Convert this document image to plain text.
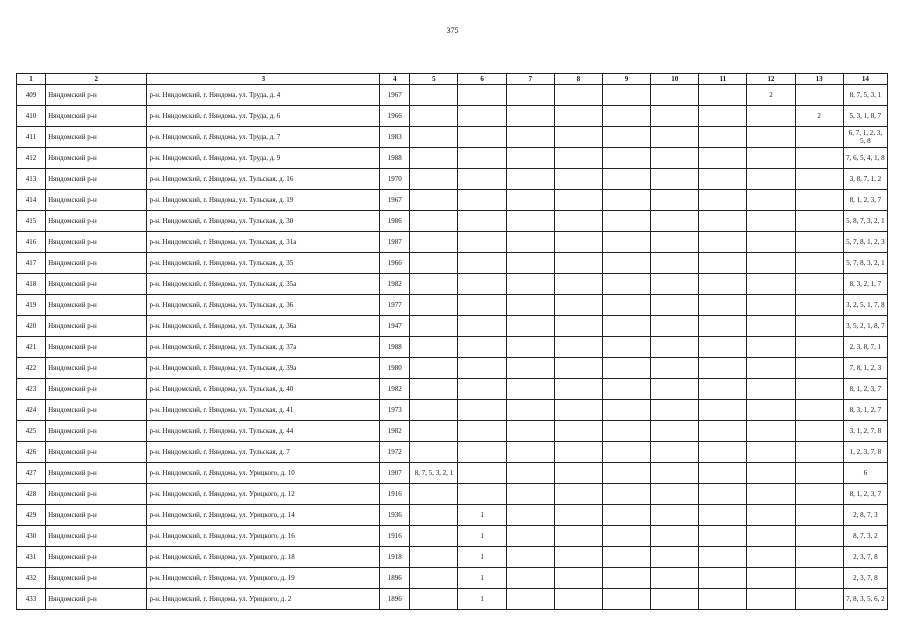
375
1	2	3	4	5	6	7	8	9	10	11	12	13	14
409	Няндомский р-н	р-н. Няндомский, г. Няндома, ул. Труда, д. 4	1967								2		8, 7, 5, 3, 1
410	Няндомский р-н	р-н. Няндомский, г. Няндома, ул. Труда, д. 6	1966									2	5, 3, 1, 8, 7
411	Няндомский р-н	р-н. Няндомский, г. Няндома, ул. Труда, д. 7	1983										6, 7, 1, 2, 3, 5, 8
412	Няндомский р-н	р-н. Няндомский, г. Няндома, ул. Труда, д. 9	1988										7, 6, 5, 4, 1, 8
413	Няндомский р-н	р-н. Няндомский, г. Няндома, ул. Тульская, д. 16	1970										3, 8, 7, 1, 2
414	Няндомский р-н	р-н. Няндомский, г. Няндома, ул. Тульская, д. 19	1967										8, 1, 2, 3, 7
415	Няндомский р-н	р-н. Няндомский, г. Няндома, ул. Тульская, д. 30	1986										5, 8, 7, 3, 2, 1
416	Няндомский р-н	р-н. Няндомский, г. Няндома, ул. Тульская, д. 31а	1987										5, 7, 8, 1, 2, 3
417	Няндомский р-н	р-н. Няндомский, г. Няндома, ул. Тульская, д. 35	1966										5, 7, 8, 3, 2, 1
418	Няндомский р-н	р-н. Няндомский, г. Няндома, ул. Тульская, д. 35а	1982										8, 3, 2, 1, 7
419	Няндомский р-н	р-н. Няндомский, г. Няндома, ул. Тульская, д. 36	1977										3, 2, 5, 1, 7, 8
420	Няндомский р-н	р-н. Няндомский, г. Няндома, ул. Тульская, д. 36а	1947										3, 5, 2, 1, 8, 7
421	Няндомский р-н	р-н. Няндомский, г. Няндома, ул. Тульская, д. 37а	1988										2, 3, 8, 7, 1
422	Няндомский р-н	р-н. Няндомский, г. Няндома, ул. Тульская, д. 39а	1980										7, 8, 1, 2, 3
423	Няндомский р-н	р-н. Няндомский, г. Няндома, ул. Тульская, д. 40	1982										8, 1, 2, 3, 7
424	Няндомский р-н	р-н. Няндомский, г. Няндома, ул. Тульская, д. 41	1973										8, 3, 1, 2, 7
425	Няндомский р-н	р-н. Няндомский, г. Няндома, ул. Тульская, д. 44	1982										3, 1, 2, 7, 8
426	Няндомский р-н	р-н. Няндомский, г. Няндома, ул. Тульская, д. 7	1972										1, 2, 3, 7, 8
427	Няндомский р-н	р-н. Няндомский, г. Няндома, ул. Урицкого, д. 10	1907	8, 7, 5, 3, 2, 1									6
428	Няндомский р-н	р-н. Няндомский, г. Няндома, ул. Урицкого, д. 12	1916										8, 1, 2, 3, 7
429	Няндомский р-н	р-н. Няндомский, г. Няндома, ул. Урицкого, д. 14	1936		1								2, 8, 7, 3
430	Няндомский р-н	р-н. Няндомский, г. Няндома, ул. Урицкого, д. 16	1916		1								8, 7, 3, 2
431	Няндомский р-н	р-н. Няндомский, г. Няндома, ул. Урицкого, д. 18	1918		1								2, 3, 7, 8
432	Няндомский р-н	р-н. Няндомский, г. Няндома, ул. Урицкого, д. 19	1896		1								2, 3, 7, 8
433	Няндомский р-н	р-н. Няндомский, г. Няндома, ул. Урицкого, д. 2	1896		1								7, 8, 3, 5, 6, 2
